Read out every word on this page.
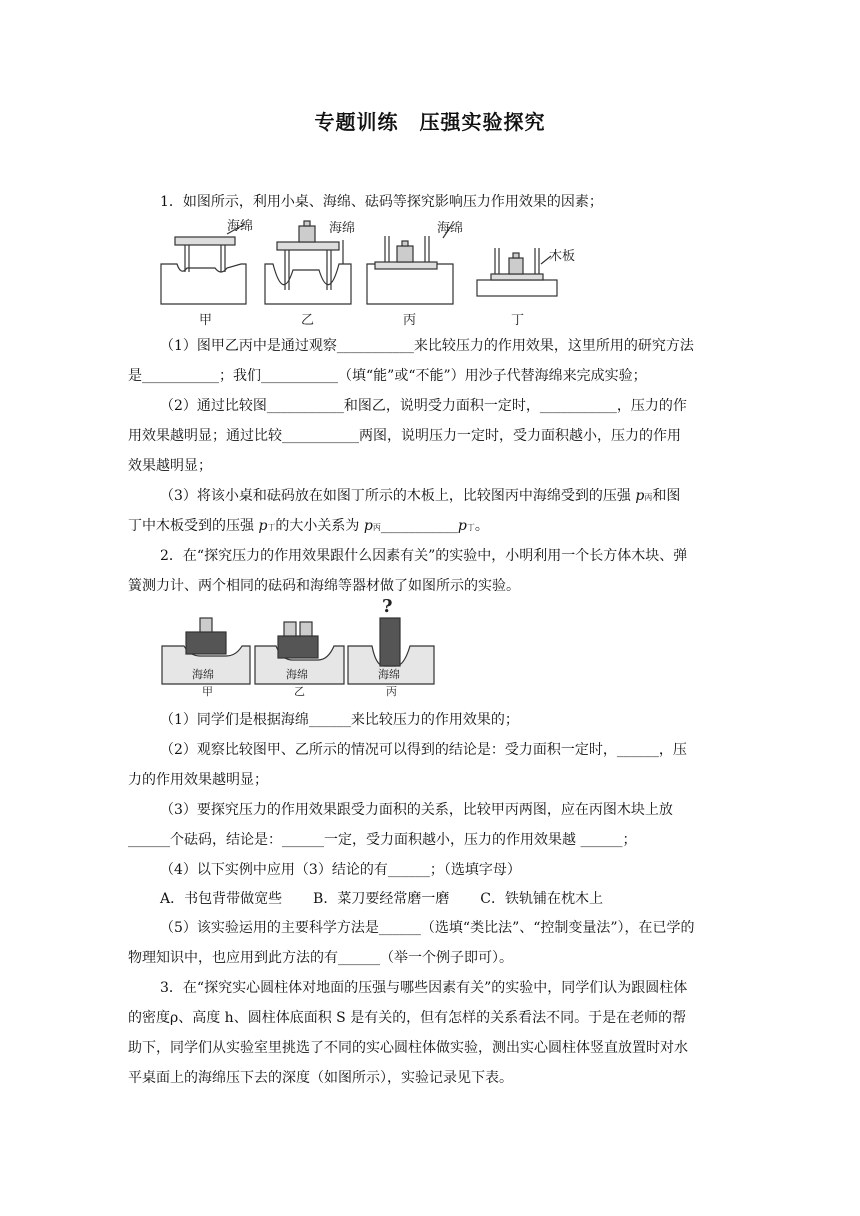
专题训练　压强实验探究
1．如图所示，利用小桌、海绵、砝码等探究影响压力作用效果的因素；
海绵	海绵	海绵
木板
甲	乙	丙	丁
（1）图甲乙丙中是通过观察___________来比较压力的作用效果，这里所用的研究方法
是___________；我们___________（填“能”或“不能”）用沙子代替海绵来完成实验；
（2）通过比较图___________和图乙，说明受力面积一定时，___________，压力的作
用效果越明显；通过比较___________两图，说明压力一定时，受力面积越小，压力的作用
效果越明显；
（3）将该小桌和砝码放在如图丁所示的木板上，比较图丙中海绵受到的压强 p丙和图
丁中木板受到的压强 p丁的大小关系为 p丙___________p丁。
2．在“探究压力的作用效果跟什么因素有关”的实验中，小明利用一个长方体木块、弹
簧测力计、两个相同的砝码和海绵等器材做了如图所示的实验。
海绵	海绵	海绵
甲	乙	丙
?
（1）同学们是根据海绵______来比较压力的作用效果的；
（2）观察比较图甲、乙所示的情况可以得到的结论是：受力面积一定时，______，压
力的作用效果越明显；
（3）要探究压力的作用效果跟受力面积的关系，比较甲丙两图，应在丙图木块上放
______个砝码，结论是：______一定，受力面积越小，压力的作用效果越 ______；
（4）以下实例中应用（3）结论的有______；（选填字母）
A．书包背带做宽些 B．菜刀要经常磨一磨 C．铁轨铺在枕木上
（5）该实验运用的主要科学方法是______（选填“类比法”、“控制变量法”），在已学的
物理知识中，也应用到此方法的有______（举一个例子即可）。
3．在“探究实心圆柱体对地面的压强与哪些因素有关”的实验中，同学们认为跟圆柱体
的密度ρ、高度 h、圆柱体底面积 S 是有关的，但有怎样的关系看法不同。于是在老师的帮
助下，同学们从实验室里挑选了不同的实心圆柱体做实验，测出实心圆柱体竖直放置时对水
平桌面上的海绵压下去的深度（如图所示），实验记录见下表。
